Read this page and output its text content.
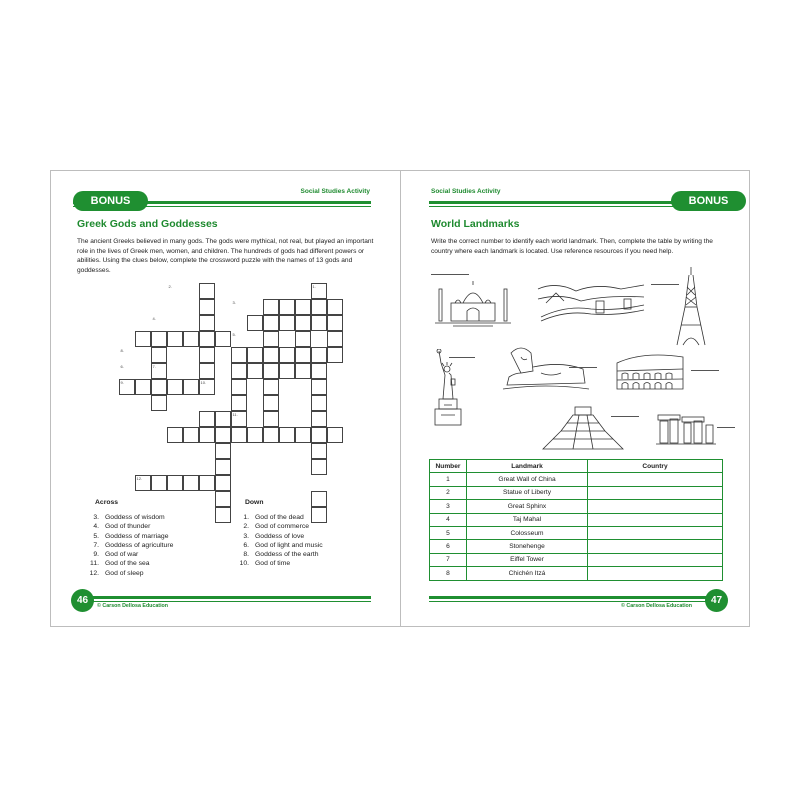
BONUS
Social Studies Activity
Greek Gods and Goddesses
The ancient Greeks believed in many gods. The gods were mythical, not real, but played an important role in the lives of Greek men, women, and children. The hundreds of gods had different powers or abilities. Using the clues below, complete the crossword puzzle with the names of 13 gods and goddesses.
1.
2.
3.
4.
5.
6.	7.
8.
9.	10.
11.
12.
Across
3. Goddess of wisdom
4. God of thunder
5. Goddess of marriage
7. Goddess of agriculture
9. God of war
11. God of the sea
12. God of sleep
Down
1. God of the dead
2. God of commerce
3. Goddess of love
6. God of light and music
8. Goddess of the earth
10. God of time
46	© Carson Dellosa Education
BONUS
Social Studies Activity
World Landmarks
Write the correct number to identify each world landmark. Then, complete the table by writing the country where each landmark is located. Use reference resources if you need help.
Number	Landmark	Country
1	Great Wall of China	
2	Statue of Liberty	
3	Great Sphinx	
4	Taj Mahal	
5	Colosseum	
6	Stonehenge	
7	Eiffel Tower	
8	Chichén Itzá	
47
© Carson Dellosa Education
